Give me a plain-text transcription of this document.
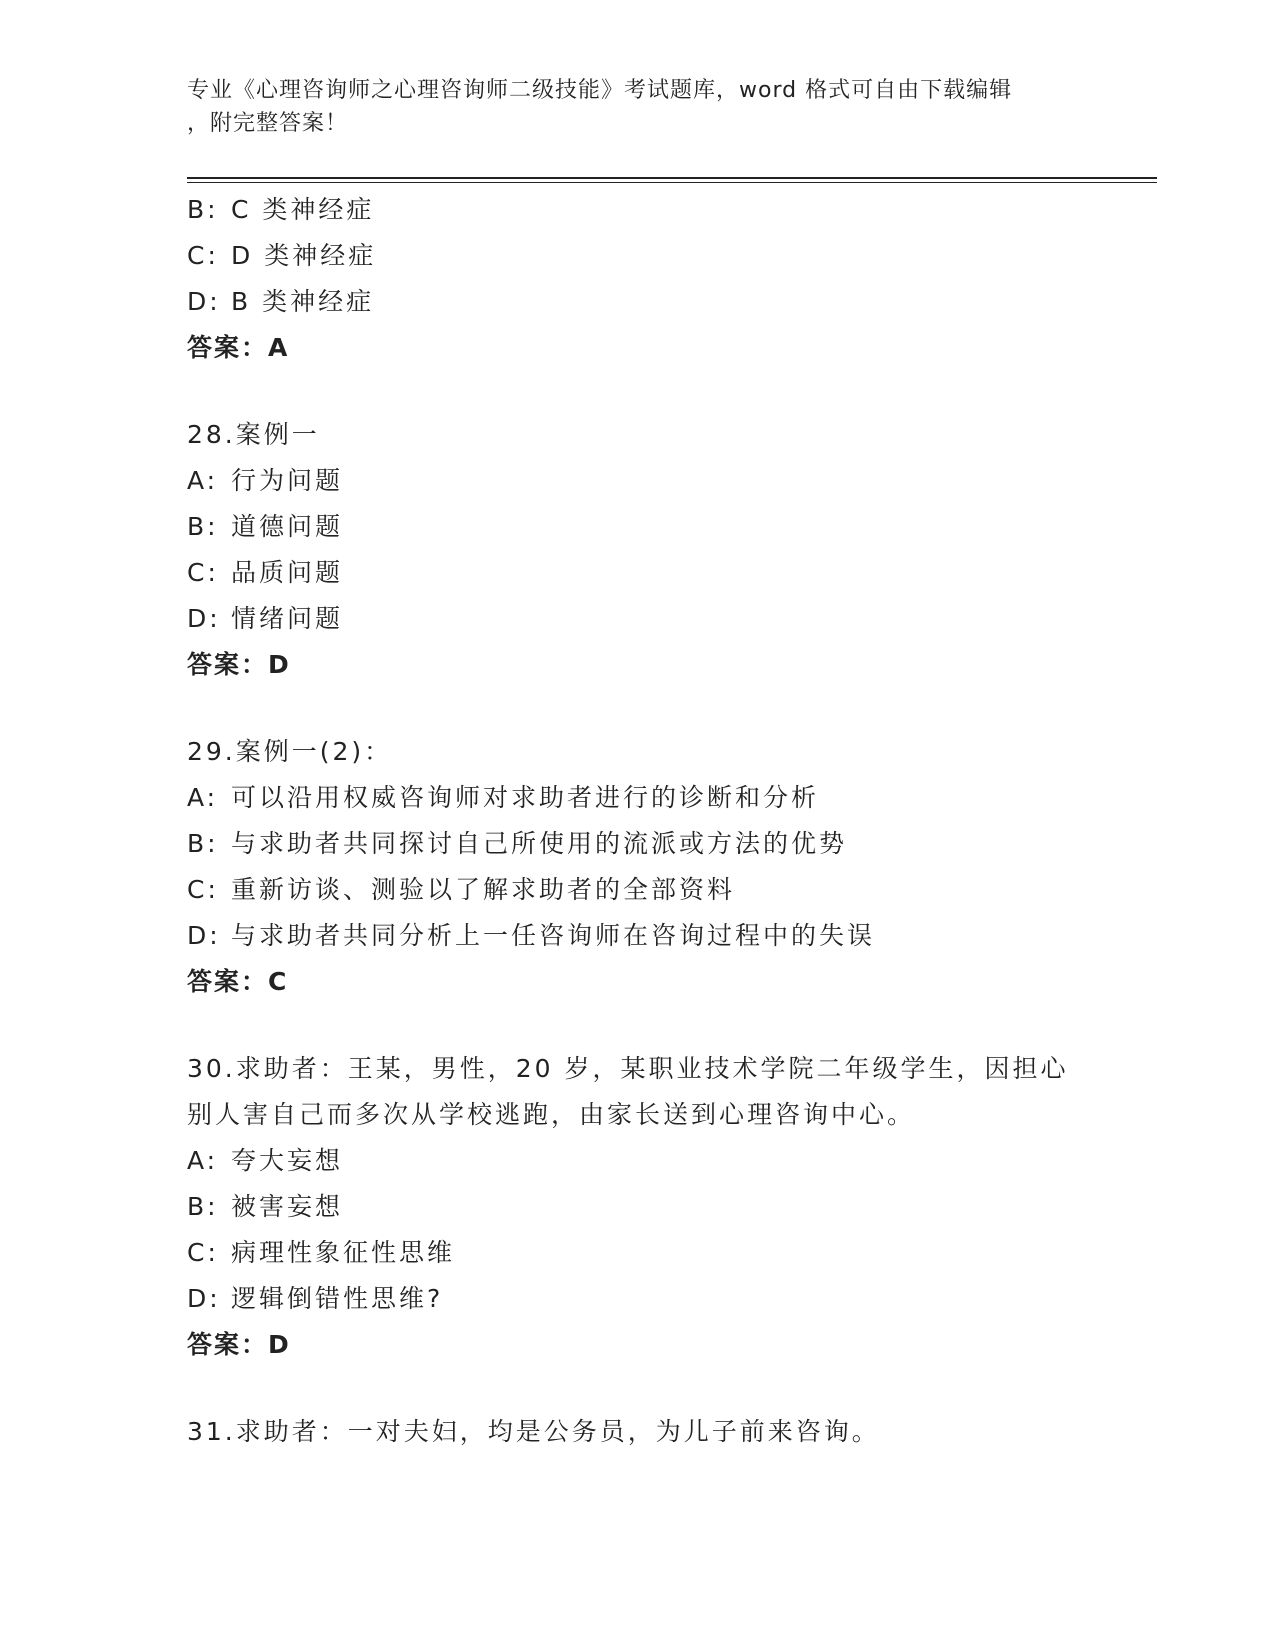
专业《心理咨询师之心理咨询师二级技能》考试题库，word 格式可自由下载编辑
，附完整答案！
B: C 类神经症
C: D 类神经症
D: B 类神经症
答案：A
28.案例一
A: 行为问题
B: 道德问题
C: 品质问题
D: 情绪问题
答案：D
29.案例一(2)：
A: 可以沿用权威咨询师对求助者进行的诊断和分析
B: 与求助者共同探讨自己所使用的流派或方法的优势
C: 重新访谈、测验以了解求助者的全部资料
D: 与求助者共同分析上一任咨询师在咨询过程中的失误
答案：C
30.求助者：王某，男性，20 岁，某职业技术学院二年级学生，因担心
别人害自己而多次从学校逃跑，由家长送到心理咨询中心。
A: 夸大妄想
B: 被害妄想
C: 病理性象征性思维
D: 逻辑倒错性思维?
答案：D
31.求助者：一对夫妇，均是公务员，为儿子前来咨询。
